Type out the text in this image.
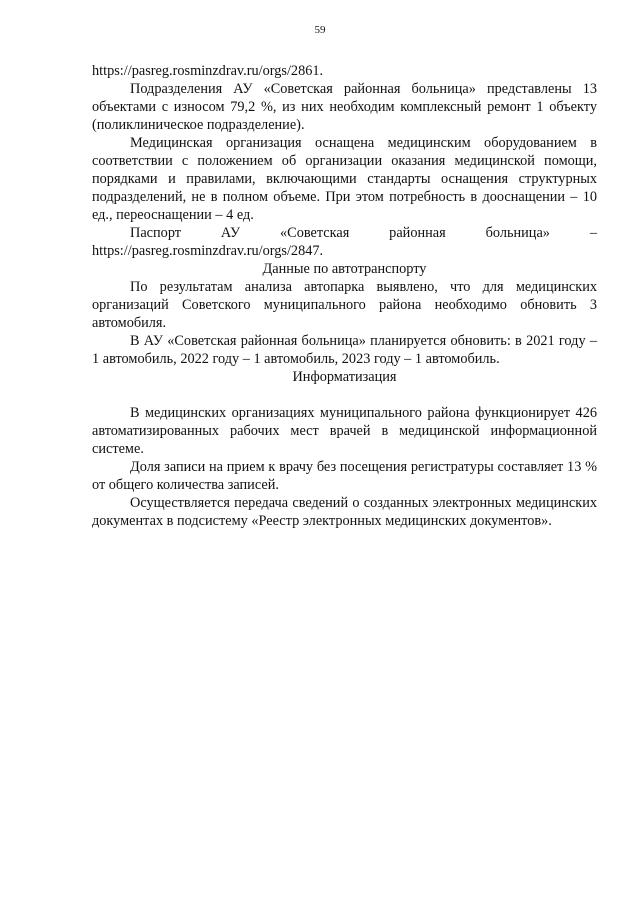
59

https://pasreg.rosminzdrav.ru/orgs/2861.

Подразделения АУ «Советская районная больница» представлены 13 объектами с износом 79,2 %, из них необходим комплексный ремонт 1 объекту (поликлиническое подразделение).

Медицинская организация оснащена медицинским оборудованием в соответствии с положением об организации оказания медицинской помощи, порядками и правилами, включающими стандарты оснащения структурных подразделений, не в полном объеме. При этом потребность в дооснащении – 10 ед., переоснащении – 4 ед.

Паспорт АУ «Советская районная больница» – https://pasreg.rosminzdrav.ru/orgs/2847.

Данные по автотранспорту

По результатам анализа автопарка выявлено, что для медицинских организаций Советского муниципального района необходимо обновить 3 автомобиля.

В АУ «Советская районная больница» планируется обновить: в 2021 году – 1 автомобиль, 2022 году – 1 автомобиль, 2023 году – 1 автомобиль.

Информатизация

В медицинских организациях муниципального района функционирует 426 автоматизированных рабочих мест врачей в медицинской информационной системе.

Доля записи на прием к врачу без посещения регистратуры составляет 13 % от общего количества записей.

Осуществляется передача сведений о созданных электронных медицинских документах в подсистему «Реестр электронных медицинских документов».
